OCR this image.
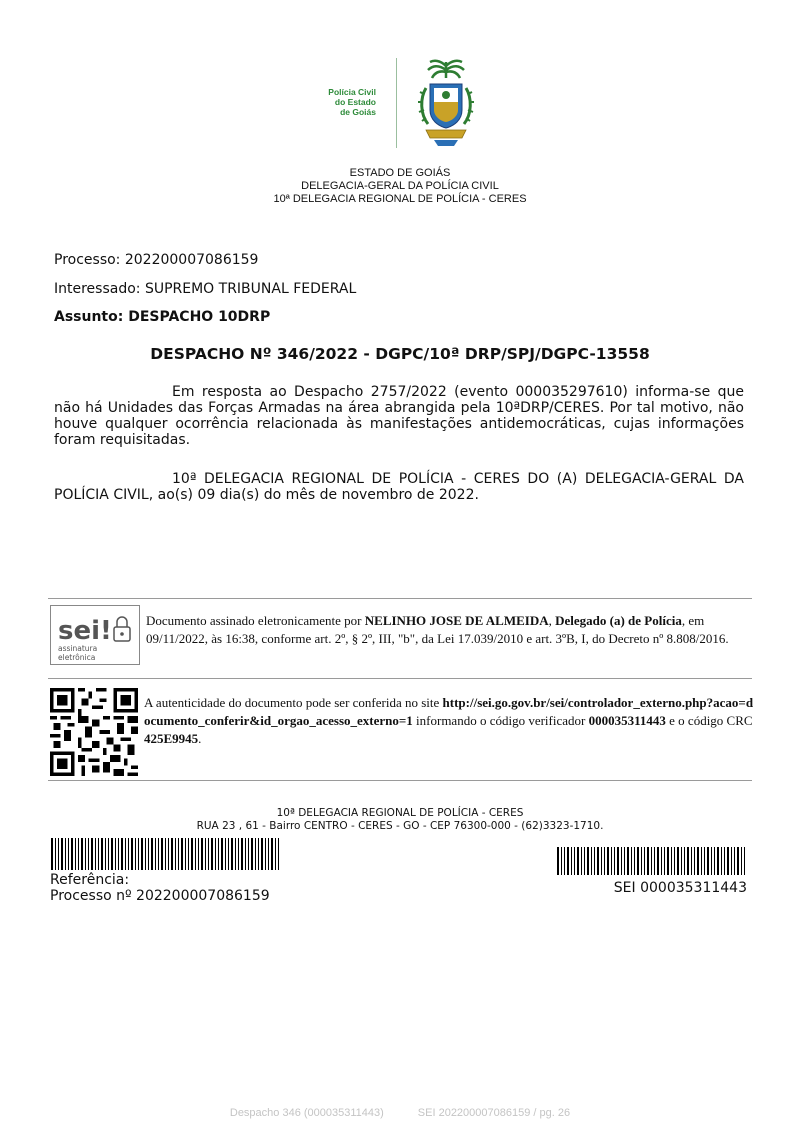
Polícia Civil
do Estado
de Goiás
ESTADO DE GOIÁS
DELEGACIA-GERAL DA POLÍCIA CIVIL
10ª DELEGACIA REGIONAL DE POLÍCIA - CERES
Processo: 202200007086159
Interessado: SUPREMO TRIBUNAL FEDERAL
Assunto: DESPACHO 10DRP
DESPACHO Nº 346/2022 - DGPC/10ª DRP/SPJ/DGPC-13558
Em resposta ao Despacho 2757/2022 (evento 000035297610) informa-se que não há Unidades das Forças Armadas na área abrangida pela 10ªDRP/CERES. Por tal motivo, não houve qualquer ocorrência relacionada às manifestações antidemocráticas, cujas informações foram requisitadas.
10ª DELEGACIA REGIONAL DE POLÍCIA - CERES DO (A) DELEGACIA-GERAL DA POLÍCIA CIVIL, ao(s) 09 dia(s) do mês de novembro de 2022.
sei!
assinatura
eletrônica
Documento assinado eletronicamente por NELINHO JOSE DE ALMEIDA, Delegado (a) de Polícia, em 09/11/2022, às 16:38, conforme art. 2º, § 2º, III, "b", da Lei 17.039/2010 e art. 3ºB, I, do Decreto nº 8.808/2016.
A autenticidade do documento pode ser conferida no site http://sei.go.gov.br/sei/controlador_externo.php?acao=documento_conferir&id_orgao_acesso_externo=1 informando o código verificador 000035311443 e o código CRC 425E9945.
10ª DELEGACIA REGIONAL DE POLÍCIA - CERES
RUA 23 , 61 - Bairro CENTRO - CERES - GO - CEP 76300-000 - (62)3323-1710.
Referência:
Processo nº 202200007086159	SEI 000035311443
Despacho 346 (000035311443)	SEI 202200007086159 / pg. 26
